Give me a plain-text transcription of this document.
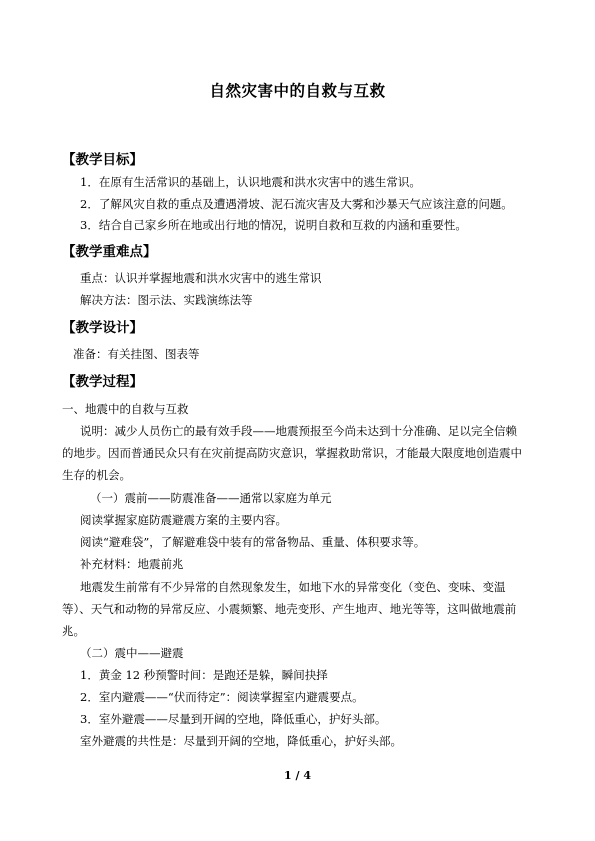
自然灾害中的自救与互救
【教学目标】
1．在原有生活常识的基础上，认识地震和洪水灾害中的逃生常识。
2．了解风灾自救的重点及遭遇滑坡、泥石流灾害及大雾和沙暴天气应该注意的问题。
3．结合自己家乡所在地或出行地的情况，说明自救和互救的内涵和重要性。
【教学重难点】
重点：认识并掌握地震和洪水灾害中的逃生常识
解决方法：图示法、实践演练法等
【教学设计】
准备：有关挂图、图表等
【教学过程】
一、地震中的自救与互救
说明：减少人员伤亡的最有效手段——地震预报至今尚未达到十分准确、足以完全信赖
的地步。因而普通民众只有在灾前提高防灾意识，掌握救助常识，才能最大限度地创造震中
生存的机会。
（一）震前——防震准备——通常以家庭为单元
阅读掌握家庭防震避震方案的主要内容。
阅读“避难袋”，了解避难袋中装有的常备物品、重量、体积要求等。
补充材料：地震前兆
地震发生前常有不少异常的自然现象发生，如地下水的异常变化（变色、变味、变温
等）、天气和动物的异常反应、小震频繁、地壳变形、产生地声、地光等等，这叫做地震前
兆。
（二）震中——避震
1．黄金 12 秒预警时间：是跑还是躲，瞬间抉择
2．室内避震——“伏而待定”：阅读掌握室内避震要点。
3．室外避震——尽量到开阔的空地，降低重心，护好头部。
室外避震的共性是：尽量到开阔的空地，降低重心，护好头部。
1 / 4
